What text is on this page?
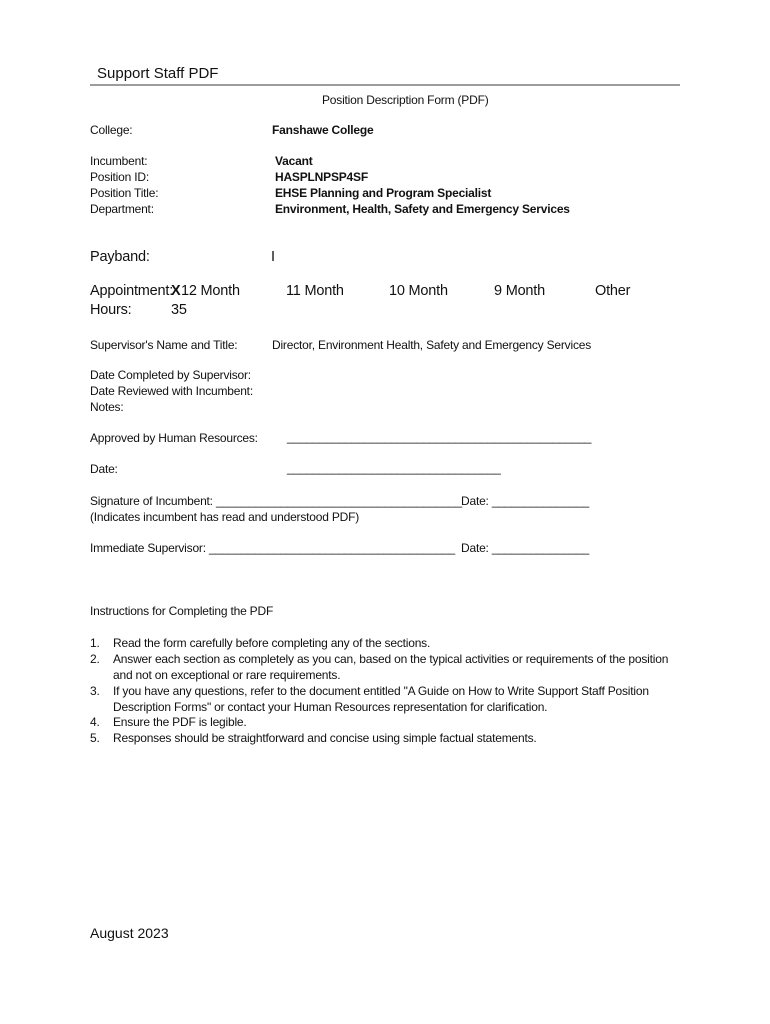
Support Staff PDF
Position Description Form (PDF)
College:	Fanshawe College
Incumbent:	Vacant
Position ID:	HASPLNPSP4SF
Position Title:	EHSE Planning and Program Specialist
Department:	Environment, Health, Safety and Emergency Services
Payband:	I
Appointment:
X 12 Month	11 Month	10 Month	9 Month	Other
Hours:	35
Supervisor's Name and Title:	Director, Environment Health, Safety and Emergency Services
Date Completed by Supervisor:
Date Reviewed with Incumbent:
Notes:
Approved by Human Resources: _______________________________________________
Date:	_________________________________
Signature of Incumbent: ______________________________________ Date: _______________
(Indicates incumbent has read and understood PDF)
Immediate Supervisor: ______________________________________ Date: _______________
Instructions for Completing the PDF
1. Read the form carefully before completing any of the sections.
2. Answer each section as completely as you can, based on the typical activities or requirements of the position and not on exceptional or rare requirements.
3. If you have any questions, refer to the document entitled "A Guide on How to Write Support Staff Position Description Forms" or contact your Human Resources representation for clarification.
4. Ensure the PDF is legible.
5. Responses should be straightforward and concise using simple factual statements.
August 2023
